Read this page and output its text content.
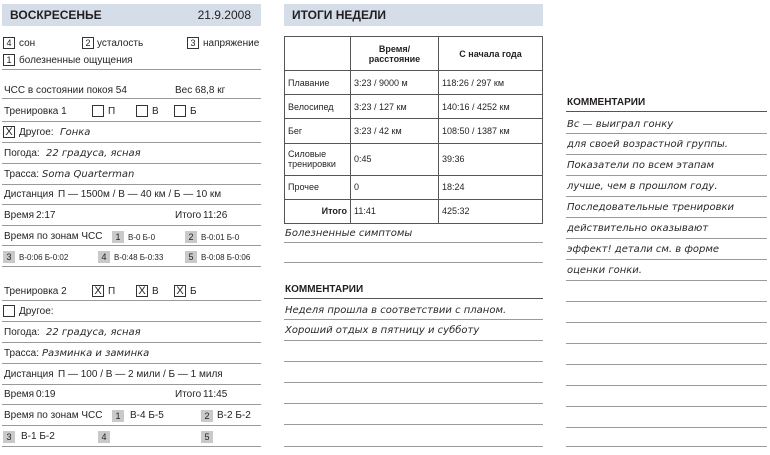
ВОСКРЕСЕНЬЕ	21.9.2008
4 сон	2 усталость	3 напряжение
1 болезненные ощущения
ЧСС в состоянии покоя 54	Вес 68,8 кг
Тренировка 1	П	В	Б
X Другое: Гонка
Погода: 22 градуса, ясная
Трасса: Soma Quarterman
Дистанция П — 1500м / В — 40 км / Б — 10 км
Время 2:17	Итого 11:26
Время по зонам ЧСС	1 В-0 Б-0	2 В-0:01 Б-0
3 В-0:06 Б-0:02	4 В-0:48 Б-0:33	5 В-0:08 Б-0:06
Тренировка 2	X П X В X Б
Другое:
Погода: 22 градуса, ясная
Трасса: Разминка и заминка
Дистанция П — 100 / В — 2 мили / Б — 1 миля
Время 0:19	Итого 11:45
Время по зонам ЧСС	1 В-4 Б-5	2 В-2 Б-2
3 В-1 Б-2	4	5
ИТОГИ НЕДЕЛИ
	Время/ расстояние	С начала года
Плавание	3:23 / 9000 м	118:26 / 297 км
Велосипед	3:23 / 127 км	140:16 / 4252 км
Бег	3:23 / 42 км	108:50 / 1387 км
Силовые тренировки	0:45	39:36
Прочее	0	18:24
Итого	11:41	425:32
Болезненные симптомы
КОММЕНТАРИИ
Неделя прошла в соответствии с планом.
Хороший отдых в пятницу и субботу
КОММЕНТАРИИ
Вс — выиграл гонку
для своей возрастной группы.
Показатели по всем этапам
лучше, чем в прошлом году.
Последовательные тренировки
действительно оказывают
эффект! детали см. в форме
оценки гонки.
